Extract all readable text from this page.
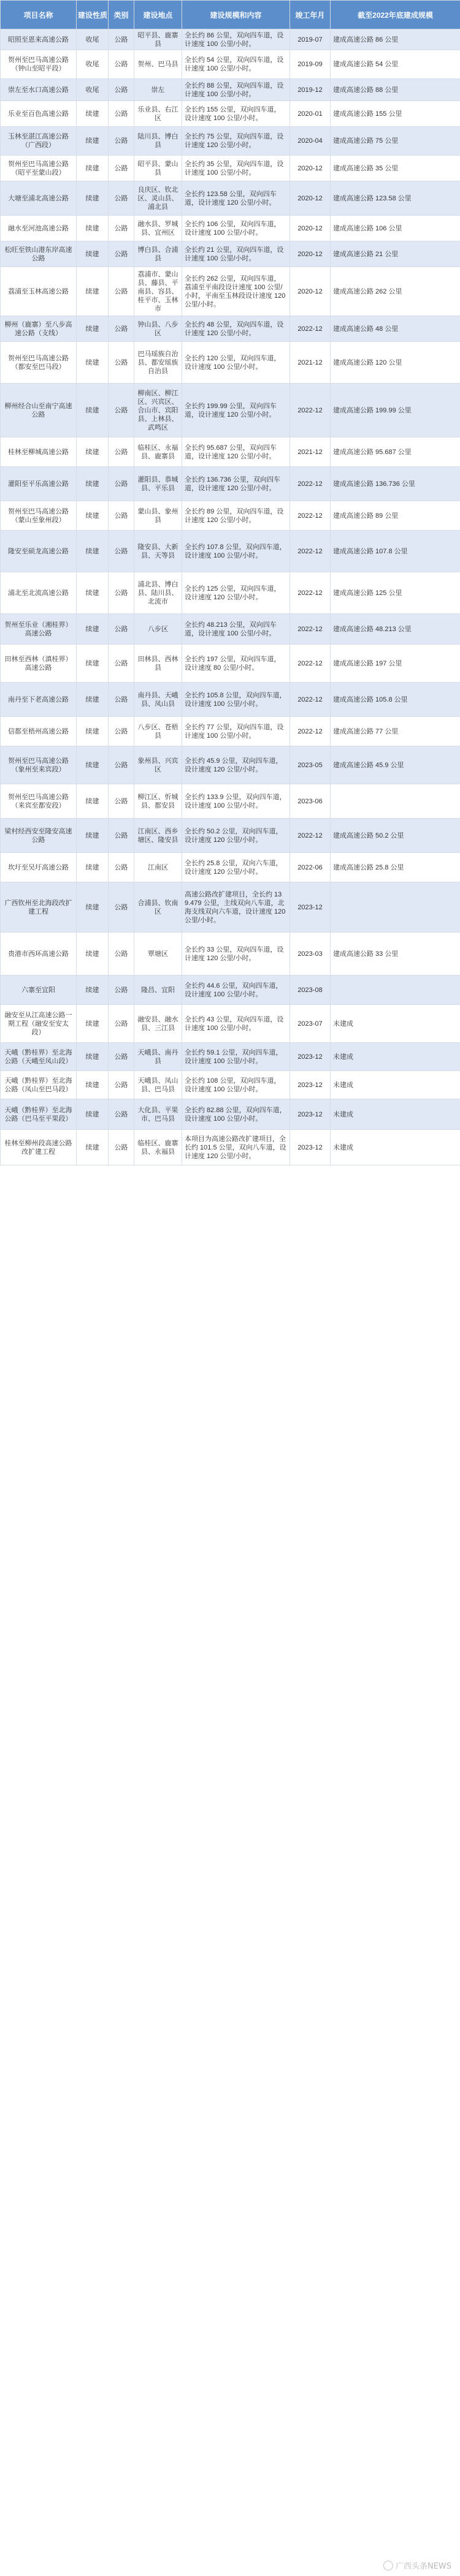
项目名称	建设性质	类别	建设地点	建设规模和内容	竣工年月	截至2022年底建成规模
昭照至恩来高速公路	收尾	公路	昭平县、鹿寨县	全长约 86 公里，双向四车道，设计速度 100 公里/小时。	2019-07	建成高速公路 86 公里
贺州至巴马高速公路（钟山至昭平段）	收尾	公路	贺州、巴马县	全长约 54 公里，双向四车道，设计速度 100 公里/小时。	2019-09	建成高速公路 54 公里
崇左至水口高速公路	收尾	公路	崇左	全长约 88 公里，双向四车道，设计速度 100 公里/小时。	2019-12	建成高速公路 88 公里
乐业至百色高速公路	续建	公路	乐业县、右江区	全长约 155 公里，双向四车道，设计速度 100 公里/小时。	2020-01	建成高速公路 155 公里
玉林至湛江高速公路（广西段）	续建	公路	陆川县、博白县	全长约 75 公里，双向四车道，设计速度 120 公里/小时。	2020-04	建成高速公路 75 公里
贺州至巴马高速公路（昭平至蒙山段）	续建	公路	昭平县、蒙山县	全长约 35 公里，双向四车道，设计速度 100 公里/小时。	2020-12	建成高速公路 35 公里
大塘至浦北高速公路	续建	公路	良庆区、钦北区、灵山县、浦北县	全长约 123.58 公里，双向四车道，设计速度 120 公里/小时。	2020-12	建成高速公路 123.58 公里
融水至河池高速公路	续建	公路	融水县、罗城县、宜州区	全长约 106 公里，双向四车道，设计速度 100 公里/小时。	2020-12	建成高速公路 106 公里
松旺至铁山港东岸高速公路	续建	公路	博白县、合浦县	全长约 21 公里，双向四车道，设计速度 100 公里/小时。	2020-12	建成高速公路 21 公里
荔浦至玉林高速公路	续建	公路	荔浦市、蒙山县、藤县、平南县、容县、桂平市、玉林市	全长约 262 公里，双向四车道，荔浦至平南段设计速度 100 公里/小时，平南至玉林段设计速度 120 公里/小时。	2020-12	建成高速公路 262 公里
柳州（鹿寨）至八步高速公路（支线）	续建	公路	钟山县、八步区	全长约 48 公里，双向四车道，设计速度 120 公里/小时。	2022-12	建成高速公路 48 公里
贺州至巴马高速公路（都安至巴马段）	续建	公路	巴马瑶族自治县、都安瑶族自治县	全长约 120 公里，双向四车道，设计速度 100 公里/小时。	2021-12	建成高速公路 120 公里
柳州经合山至南宁高速公路	续建	公路	柳南区、柳江区、兴宾区、合山市、宾阳县、上林县、武鸣区	全长约 199.99 公里，双向四车道，设计速度 120 公里/小时。	2022-12	建成高速公路 199.99 公里
桂林至柳城高速公路	续建	公路	临桂区、永福县、鹿寨县	全长约 95.687 公里，双向四车道，设计速度 120 公里/小时。	2021-12	建成高速公路 95.687 公里
灌阳至平乐高速公路	续建	公路	灌阳县、恭城县、平乐县	全长约 136.736 公里，双向四车道，设计速度 120 公里/小时。	2022-12	建成高速公路 136.736 公里
贺州至巴马高速公路（蒙山至象州段）	续建	公路	蒙山县、象州县	全长约 89 公里，双向四车道，设计速度 120 公里/小时。	2022-12	建成高速公路 89 公里
隆安至硕龙高速公路	续建	公路	隆安县、大新县、天等县	全长约 107.8 公里，双向四车道，设计速度 100 公里/小时。	2022-12	建成高速公路 107.8 公里
浦北至北流高速公路	续建	公路	浦北县、博白县、陆川县、北流市	全长约 125 公里，双向四车道，设计速度 120 公里/小时。	2022-12	建成高速公路 125 公里
贺州至乐业（湘桂界）高速公路	续建	公路	八步区	全长约 48.213 公里，双向四车道，设计速度 100 公里/小时。	2022-12	建成高速公路 48.213 公里
田林至西林（滇桂界）高速公路	续建	公路	田林县、西林县	全长约 197 公里，双向四车道，设计速度 80 公里/小时。	2022-12	建成高速公路 197 公里
南丹至下老高速公路	续建	公路	南丹县、天峨县、凤山县	全长约 105.8 公里，双向四车道，设计速度 100 公里/小时。	2022-12	建成高速公路 105.8 公里
信都至梧州高速公路	续建	公路	八步区、苍梧县	全长约 77 公里，双向四车道，设计速度 100 公里/小时。	2022-12	建成高速公路 77 公里
贺州至巴马高速公路（象州至来宾段）	续建	公路	象州县、兴宾区	全长约 45.9 公里，双向四车道，设计速度 120 公里/小时。	2023-05	建成高速公路 45.9 公里
贺州至巴马高速公路（来宾至都安段）	续建	公路	柳江区、忻城县、都安县	全长约 133.9 公里，双向四车道，设计速度 100 公里/小时。	2023-06	
梁村经西安至隆安高速公路	续建	公路	江南区、西乡塘区、隆安县	全长约 50.2 公里，双向四车道，设计速度 120 公里/小时。	2022-12	建成高速公路 50.2 公里
坎圩至吴圩高速公路	续建	公路	江南区	全长约 25.8 公里，双向六车道，设计速度 120 公里/小时。	2022-06	建成高速公路 25.8 公里
广西钦州至北海段改扩建工程	续建	公路	合浦县、钦南区	高速公路改扩建项目，全长约 139.479 公里，主线双向八车道，北海支线双向六车道，设计速度 120 公里/小时。	2023-12	
贵港市西环高速公路	续建	公路	覃塘区	全长约 33 公里，双向四车道，设计速度 120 公里/小时。	2023-03	建成高速公路 33 公里
六寨至宜阳	续建	公路	隆昌、宜阳	全长约 44.6 公里，双向四车道，设计速度 100 公里/小时。	2023-08	
融安至从江高速公路一期工程（融安至安太段）	续建	公路	融安县、融水县、三江县	全长约 43 公里，双向四车道，设计速度 100 公里/小时。	2023-07	未建成
天峨（黔桂界）至北海公路（天峨至凤山段）	续建	公路	天峨县、南丹县	全长约 59.1 公里，双向四车道，设计速度 100 公里/小时。	2023-12	未建成
天峨（黔桂界）至北海公路（凤山至巴马段）	续建	公路	天峨县、凤山县、巴马县	全长约 108 公里，双向四车道，设计速度 100 公里/小时。	2023-12	未建成
天峨（黔桂界）至北海公路（巴马至平果段）	续建	公路	大化县、平果市、巴马县	全长约 82.88 公里，双向四车道，设计速度 100 公里/小时。	2023-12	未建成
桂林至柳州段高速公路改扩建工程	续建	公路	临桂区、鹿寨县、永福县	本项目为高速公路改扩建项目，全长约 101.5 公里，双向八车道，设计速度 120 公里/小时。	2023-12	未建成
广西头条NEWS
